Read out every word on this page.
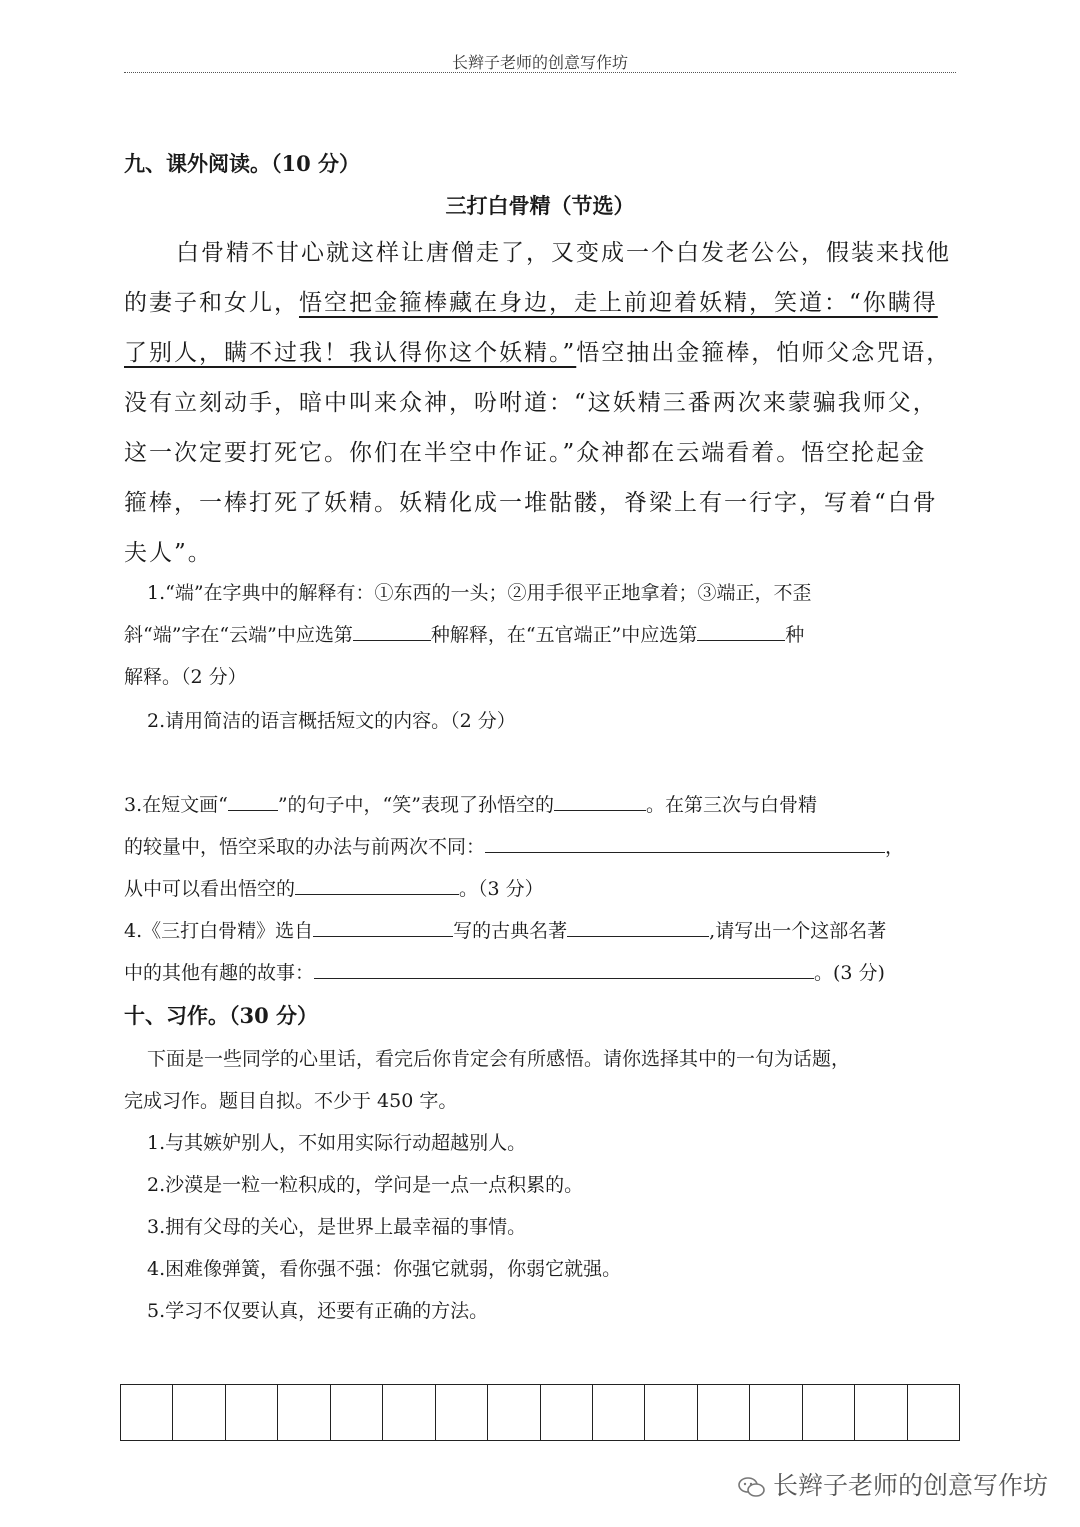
长辫子老师的创意写作坊
九、课外阅读。（10 分）
三打白骨精（节选）
白骨精不甘心就这样让唐僧走了，又变成一个白发老公公，假装来找他
的妻子和女儿，悟空把金箍棒藏在身边，走上前迎着妖精，笑道：“你瞒得
了别人，瞒不过我！我认得你这个妖精。”悟空抽出金箍棒，怕师父念咒语，
没有立刻动手，暗中叫来众神，吩咐道：“这妖精三番两次来蒙骗我师父，
这一次定要打死它。你们在半空中作证。”众神都在云端看着。悟空抡起金
箍棒，一棒打死了妖精。妖精化成一堆骷髅，脊梁上有一行字，写着“白骨
夫人”。
1.“端”在字典中的解释有：①东西的一头；②用手很平正地拿着；③端正，不歪
斜“端”字在“云端”中应选第	种解释，在“五官端正”中应选第	种
解释。（2 分）
2.请用简洁的语言概括短文的内容。（2 分）
3.在短文画“	”的句子中，“笑”表现了孙悟空的	。在第三次与白骨精
的较量中，悟空采取的办法与前两次不同：	，
从中可以看出悟空的	。（3 分）
4.《三打白骨精》选自	写的古典名著	,请写出一个这部名著
中的其他有趣的故事：	。(3 分)
十、习作。（30 分）
下面是一些同学的心里话，看完后你肯定会有所感悟。请你选择其中的一句为话题，
完成习作。题目自拟。不少于 450 字。
1.与其嫉妒别人，不如用实际行动超越别人。
2.沙漠是一粒一粒积成的，学问是一点一点积累的。
3.拥有父母的关心，是世界上最幸福的事情。
4.困难像弹簧，看你强不强：你强它就弱，你弱它就强。
5.学习不仅要认真，还要有正确的方法。
长辫子老师的创意写作坊
